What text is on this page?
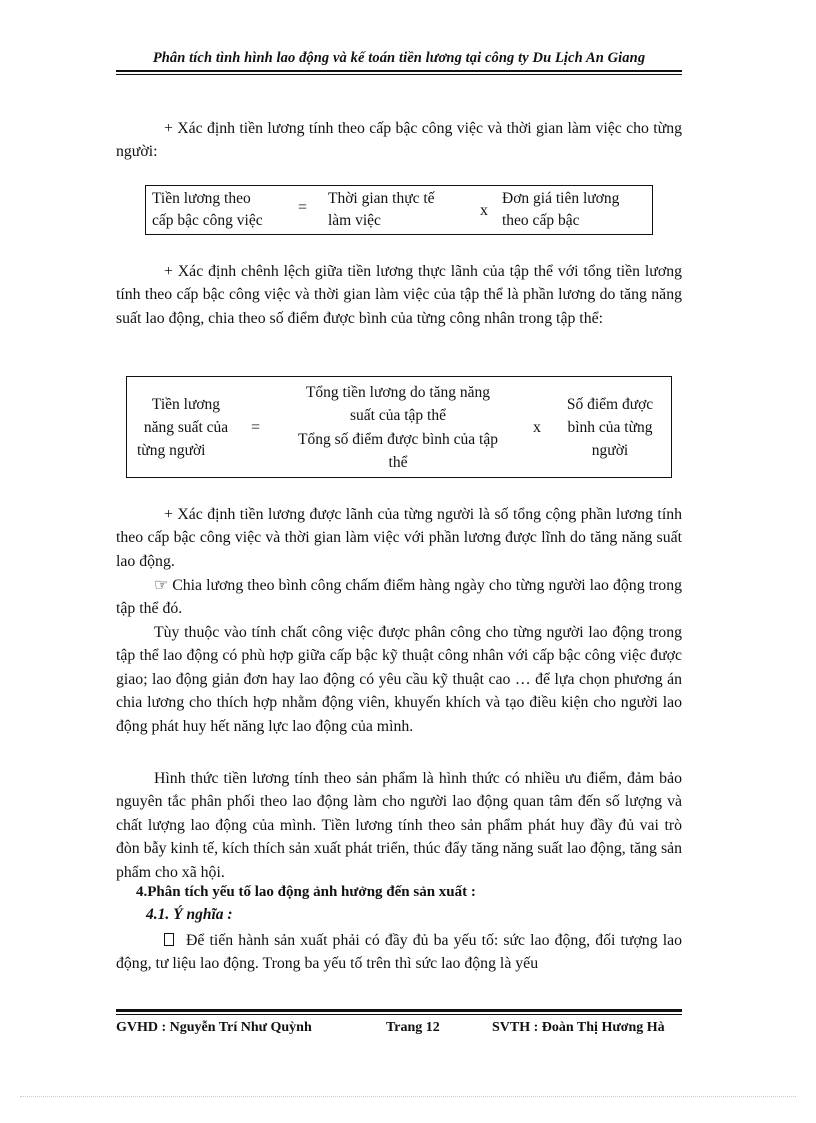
Phân tích tình hình lao động và kế toán tiền lương tại công ty Du Lịch An Giang
+ Xác định tiền lương tính theo cấp bậc công việc và thời gian làm việc cho từng người:
Tiền lương theo
cấp bậc công việc
=
Thời gian thực tế
làm việc
x
Đơn giá tiên lương
theo cấp bậc
+ Xác định chênh lệch giữa tiền lương thực lãnh của tập thể với tổng tiền lương tính theo cấp bậc công việc và thời gian làm việc của tập thể là phần lương do tăng năng suất lao động, chia theo số điểm được bình của từng công nhân trong tập thể:
Tiền lương
năng suất của
từng người
=
Tổng tiền lương do tăng năng
suất của tập thể
Tổng số điểm được bình của tập
thể
x
Số điểm được
bình của từng
người
+ Xác định tiền lương được lãnh của từng người là số tổng cộng phần lương tính theo cấp bậc công việc và thời gian làm việc với phần lương được lĩnh do tăng năng suất lao động.
☞ Chia lương theo bình công chấm điểm hàng ngày cho từng người lao động trong tập thể đó.
Tùy thuộc vào tính chất công việc được phân công cho từng người lao động trong tập thể lao động có phù hợp giữa cấp bậc kỹ thuật công nhân với cấp bậc công việc được giao; lao động giản đơn hay lao động có yêu cầu kỹ thuật cao … để lựa chọn phương án chia lương cho thích hợp nhằm động viên, khuyến khích và tạo điều kiện cho người lao động phát huy hết năng lực lao động của mình.
Hình thức tiền lương tính theo sản phẩm là hình thức có nhiều ưu điểm, đảm bảo nguyên tắc phân phối theo lao động làm cho người lao động quan tâm đến số lượng và chất lượng lao động của mình. Tiền lương tính theo sản phẩm phát huy đầy đủ vai trò đòn bẫy kinh tế, kích thích sản xuất phát triển, thúc đẩy tăng năng suất lao động, tăng sản phẩm cho xã hội.
4.Phân tích yếu tố lao động ảnh hưởng đến sản xuất :
4.1. Ý nghĩa :
Để tiến hành sản xuất phải có đầy đủ ba yếu tố: sức lao động, đối tượng lao động, tư liệu lao động. Trong ba yếu tố trên thì sức lao động là yếu
GVHD : Nguyễn Trí Như Quỳnh	Trang 12	SVTH : Đoàn Thị Hương Hà
